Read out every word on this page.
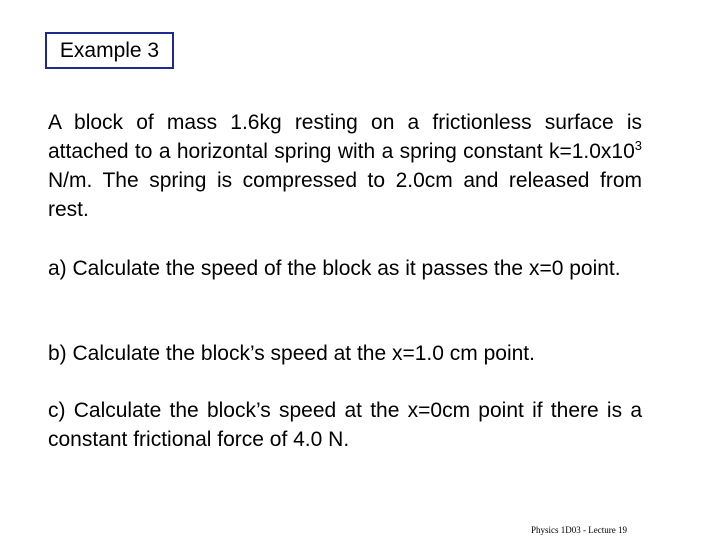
Example 3

A block of mass 1.6kg resting on a frictionless surface is attached to a horizontal spring with a spring constant $k=1.0x10^3$ N/m. The spring is compressed to 2.0cm and released from rest.

a) Calculate the speed of the block as it passes the x=0 point.

b) Calculate the block’s speed at the x=1.0 cm point.

c) Calculate the block’s speed at the x=0cm point if there is a constant frictional force of 4.0 N.

Physics 1D03 - Lecture 19
